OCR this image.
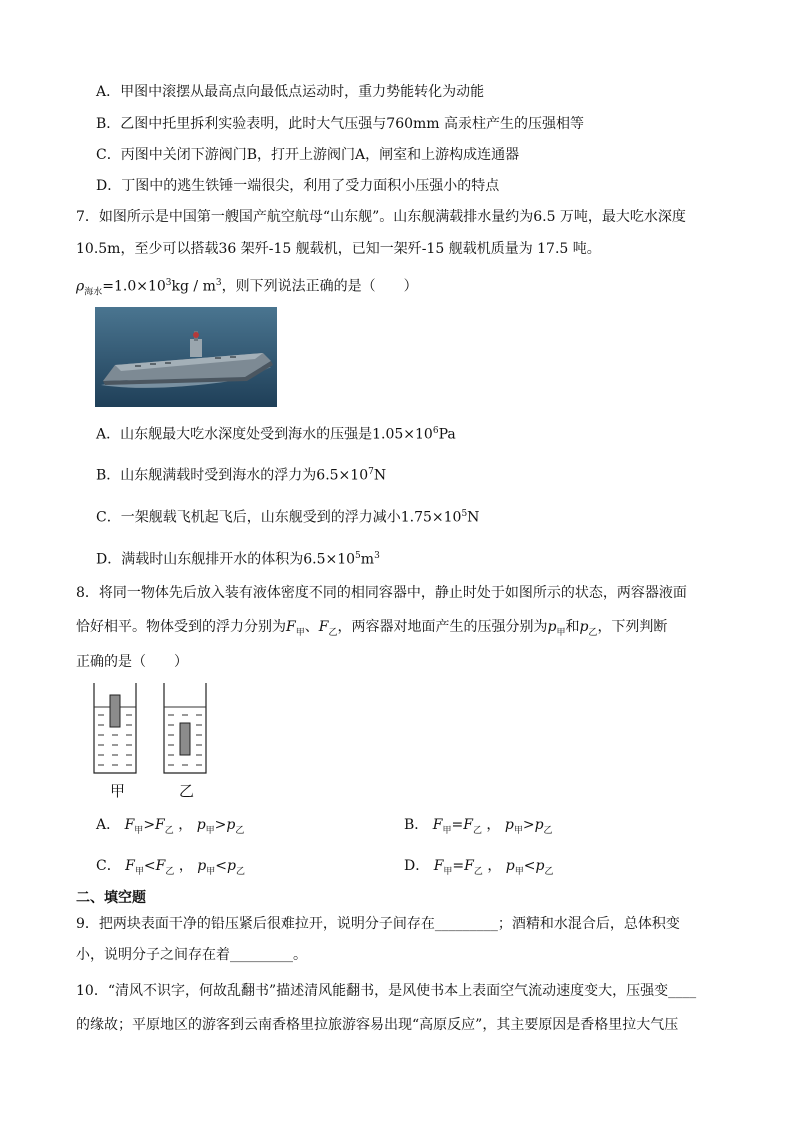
A．甲图中滚摆从最高点向最低点运动时，重力势能转化为动能
B．乙图中托里拆利实验表明，此时大气压强与760mm 高汞柱产生的压强相等
C．丙图中关闭下游阀门B，打开上游阀门A，闸室和上游构成连通器
D．丁图中的逃生铁锤一端很尖，利用了受力面积小压强小的特点
7．如图所示是中国第一艘国产航空航母“山东舰”。山东舰满载排水量约为6.5 万吨，最大吃水深度
10.5m，至少可以搭载36 架歼-15 舰载机，已知一架歼-15 舰载机质量为 17.5 吨。
$\rho_{海水}=1.0\times 10^3kg / m^3$，则下列说法正确的是（　　）
A．山东舰最大吃水深度处受到海水的压强是$1.05\times 10^6Pa$
B．山东舰满载时受到海水的浮力为$6.5\times 10^7N$
C．一架舰载飞机起飞后，山东舰受到的浮力减小$1.75\times 10^5N$
D．满载时山东舰排开水的体积为$6.5\times 10^5m^3$
8．将同一物体先后放入装有液体密度不同的相同容器中，静止时处于如图所示的状态，两容器液面
恰好相平。物体受到的浮力分别为$F_甲$、$F_乙$，两容器对地面产生的压强分别为$p_甲$和$p_乙$，下列判断
正确的是（　　）
甲	乙
A． $F_甲>F_乙$ ， $p_甲>p_乙$	B． $F_甲=F_乙$ ， $p_甲>p_乙$
C． $F_甲<F_乙$ ， $p_甲<p_乙$	D． $F_甲=F_乙$ ， $p_甲<p_乙$
二、填空题
9．把两块表面干净的铅压紧后很难拉开，说明分子间存在_________；酒精和水混合后，总体积变
小，说明分子之间存在着_________。
10．“清风不识字，何故乱翻书”描述清风能翻书，是风使书本上表面空气流动速度变大，压强变____
的缘故；平原地区的游客到云南香格里拉旅游容易出现“高原反应”，其主要原因是香格里拉大气压
